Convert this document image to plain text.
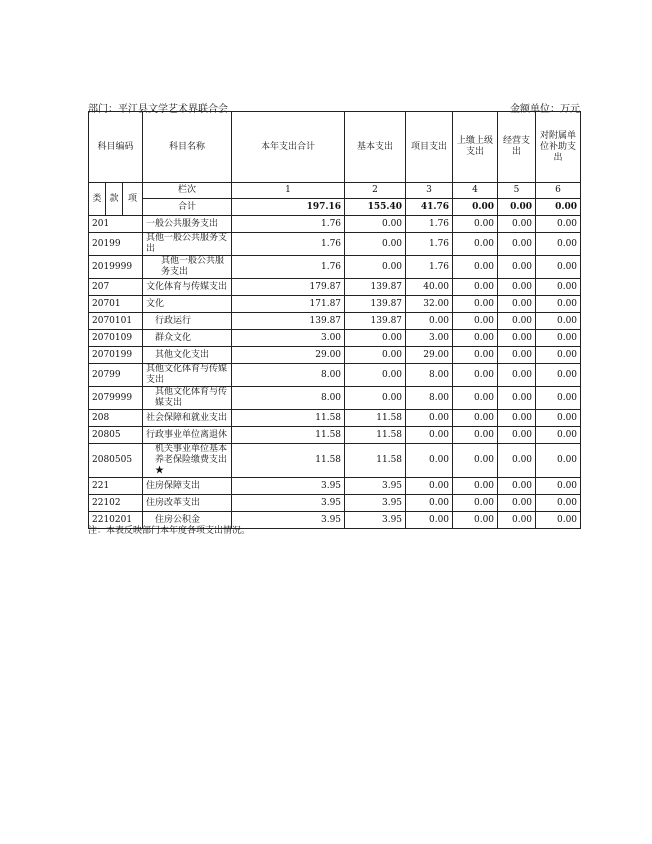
部门：平江县文学艺术界联合会	金额单位：万元
科目编码			科目名称	本年支出合计	基本支出	项目支出	上缴上级支出	经营支出	对附属单位补助支出
类	款	项	栏次	1	2	3	4	5	6
			合计	197.16	155.40	41.76	0.00	0.00	0.00
201			一般公共服务支出	1.76	0.00	1.76	0.00	0.00	0.00
20199			其他一般公共服务支出	1.76	0.00	1.76	0.00	0.00	0.00
2019999			其他一般公共服务支出	1.76	0.00	1.76	0.00	0.00	0.00
207			文化体育与传媒支出	179.87	139.87	40.00	0.00	0.00	0.00
20701			文化	171.87	139.87	32.00	0.00	0.00	0.00
2070101			行政运行	139.87	139.87	0.00	0.00	0.00	0.00
2070109			群众文化	3.00	0.00	3.00	0.00	0.00	0.00
2070199			其他文化支出	29.00	0.00	29.00	0.00	0.00	0.00
20799			其他文化体育与传媒支出	8.00	0.00	8.00	0.00	0.00	0.00
2079999			其他文化体育与传媒支出	8.00	0.00	8.00	0.00	0.00	0.00
208			社会保障和就业支出	11.58	11.58	0.00	0.00	0.00	0.00
20805			行政事业单位离退休	11.58	11.58	0.00	0.00	0.00	0.00
2080505			机关事业单位基本养老保险缴费支出★	11.58	11.58	0.00	0.00	0.00	0.00
221			住房保障支出	3.95	3.95	0.00	0.00	0.00	0.00
22102			住房改革支出	3.95	3.95	0.00	0.00	0.00	0.00
2210201			住房公积金	3.95	3.95	0.00	0.00	0.00	0.00
注：本表反映部门本年度各项支出情况。
